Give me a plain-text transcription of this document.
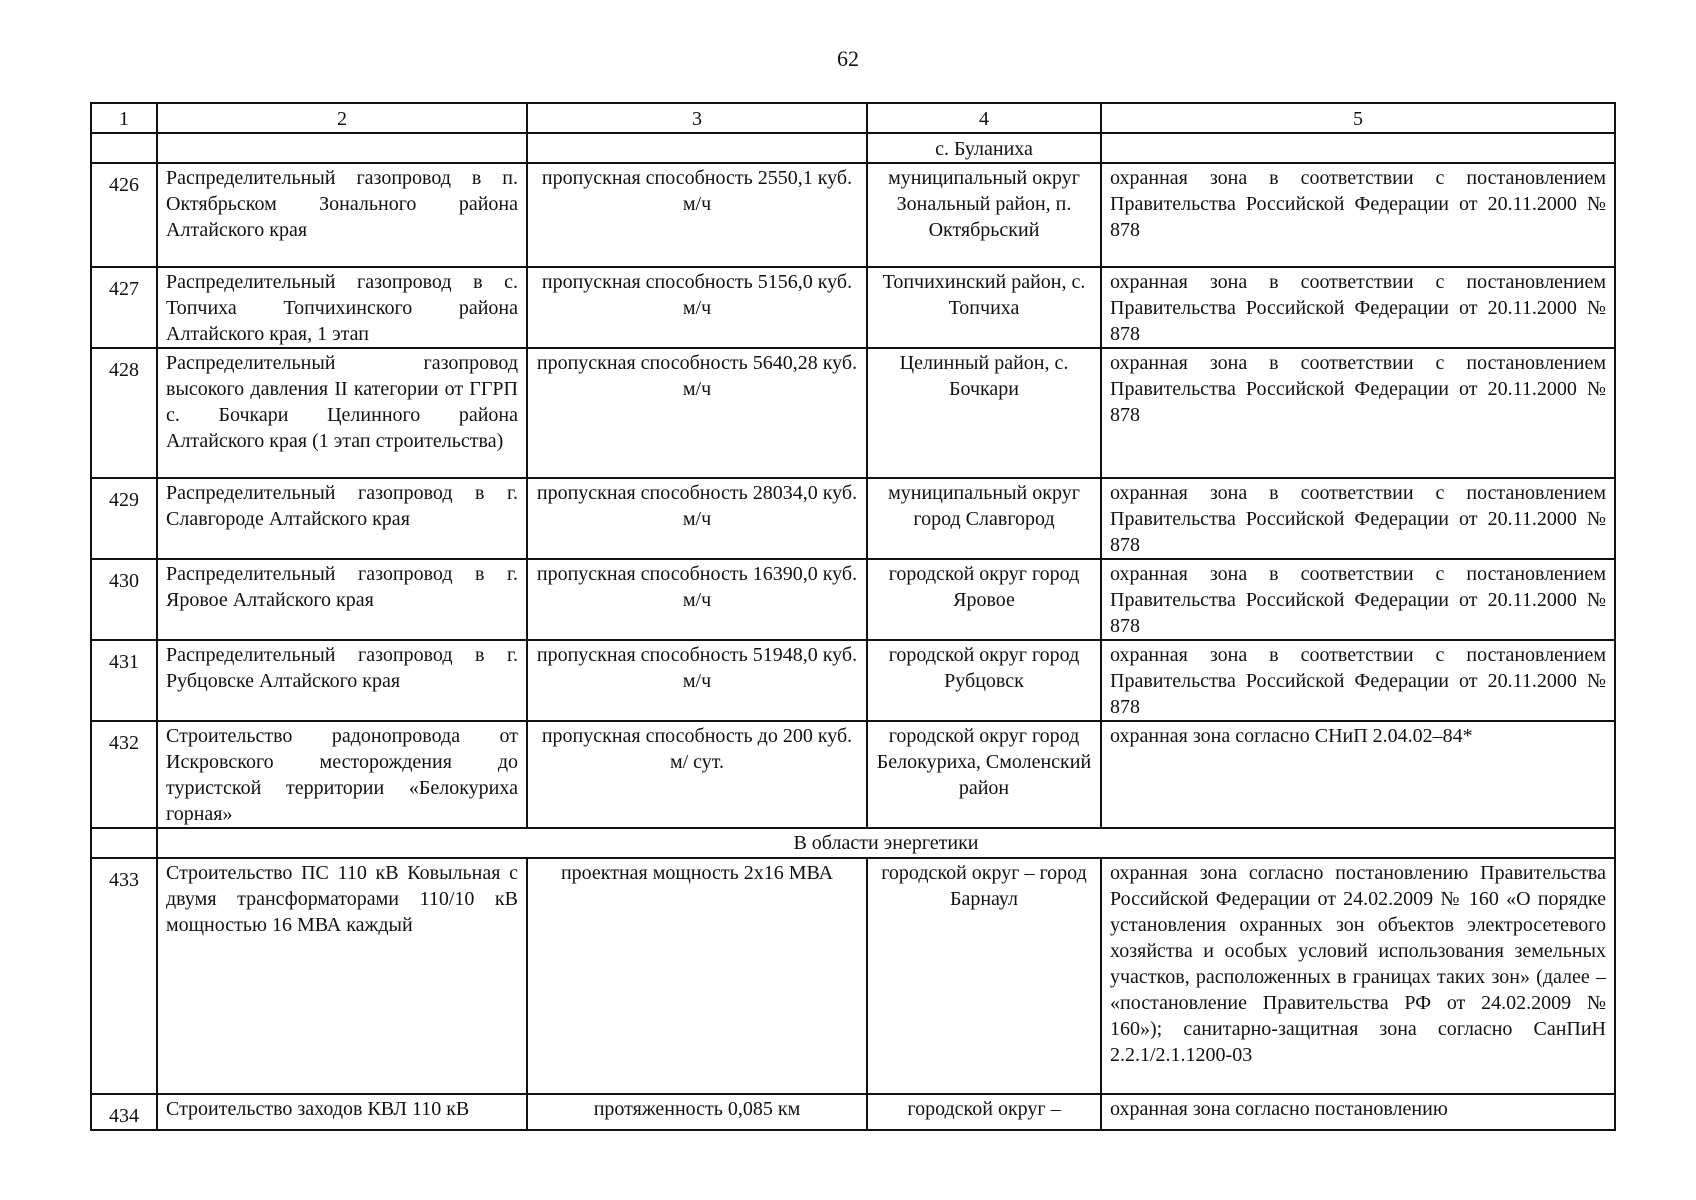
62
1	2	3	4	5
			с. Буланиха	
426	Распределительный газопровод в п. Октябрьском Зонального района Алтайского края	пропускная способность 2550,1 куб. м/ч	муниципальный округ Зональный район, п. Октябрьский	охранная зона в соответствии с постановлением Правительства Российской Федерации от 20.11.2000 № 878
427	Распределительный газопровод в с. Топчиха Топчихинского района Алтайского края, 1 этап	пропускная способность 5156,0 куб. м/ч	Топчихинский район, с. Топчиха	охранная зона в соответствии с постановлением Правительства Российской Федерации от 20.11.2000 № 878
428	Распределительный газопровод высокого давления II категории от ГГРП с. Бочкари Целинного района Алтайского края (1 этап строительства)	пропускная способность 5640,28 куб. м/ч	Целинный район, с. Бочкари	охранная зона в соответствии с постановлением Правительства Российской Федерации от 20.11.2000 № 878
429	Распределительный газопровод в г. Славгороде Алтайского края	пропускная способность 28034,0 куб. м/ч	муниципальный округ город Славгород	охранная зона в соответствии с постановлением Правительства Российской Федерации от 20.11.2000 № 878
430	Распределительный газопровод в г. Яровое Алтайского края	пропускная способность 16390,0 куб. м/ч	городской округ город Яровое	охранная зона в соответствии с постановлением Правительства Российской Федерации от 20.11.2000 № 878
431	Распределительный газопровод в г. Рубцовске Алтайского края	пропускная способность 51948,0 куб. м/ч	городской округ город Рубцовск	охранная зона в соответствии с постановлением Правительства Российской Федерации от 20.11.2000 № 878
432	Строительство радонопровода от Искровского месторождения до туристской территории «Белокуриха горная»	пропускная способность до 200 куб. м/ сут.	городской округ город Белокуриха, Смоленский район	охранная зона согласно СНиП 2.04.02–84*
	В области энергетики			
433	Строительство ПС 110 кВ Ковыльная с двумя трансформаторами 110/10 кВ мощностью 16 МВА каждый	проектная мощность 2x16 МВА	городской округ – город Барнаул	охранная зона согласно постановлению Правительства Российской Федерации от 24.02.2009 № 160 «О порядке установления охранных зон объектов электросетевого хозяйства и особых условий использования земельных участков, расположенных в границах таких зон» (далее – «постановление Правительства РФ от 24.02.2009 № 160»); санитарно-защитная зона согласно СанПиН 2.2.1/2.1.1200-03
434	Строительство заходов КВЛ 110 кВ	протяженность 0,085 км	городской округ –	охранная зона согласно постановлению
